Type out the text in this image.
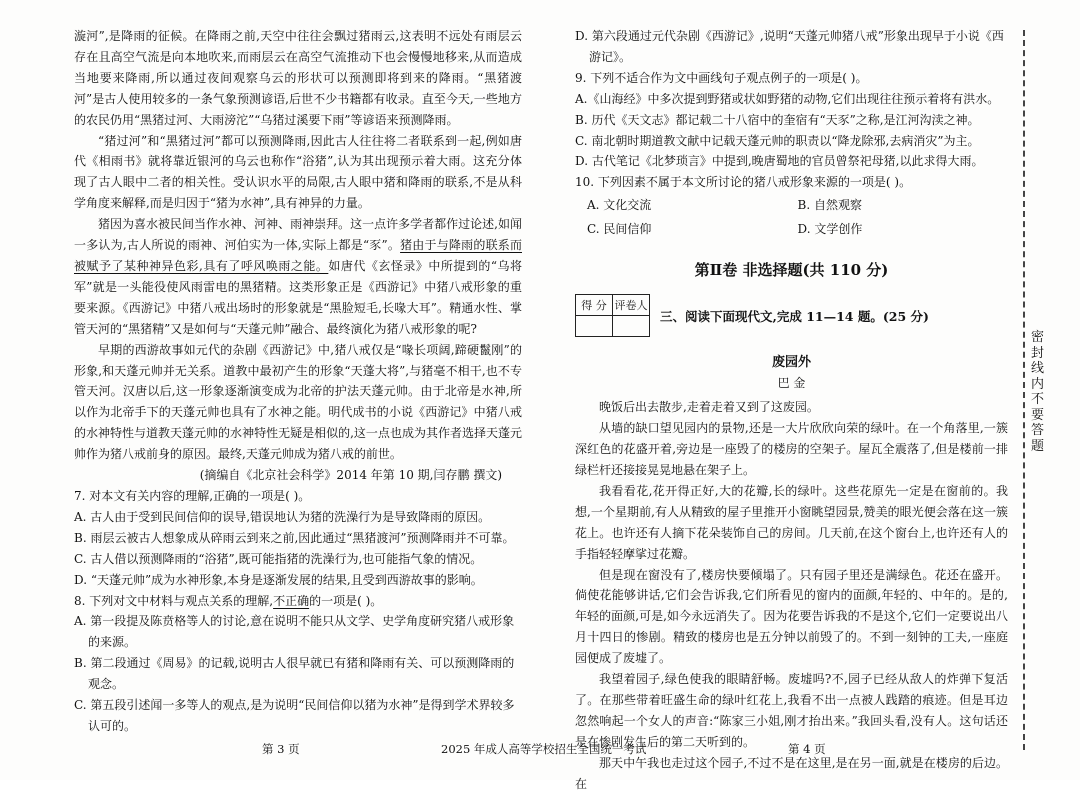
漩河”,是降雨的征候。在降雨之前,天空中往往会飘过猪雨云,这表明不远处有雨层云存在且高空气流是向本地吹来,而雨层云在高空气流推动下也会慢慢地移来,从而造成当地要来降雨,所以通过夜间观察乌云的形状可以预测即将到来的降雨。“黑猪渡河”是古人使用较多的一条气象预测谚语,后世不少书籍都有收录。直至今天,一些地方的农民仍用“黑猪过河、大雨滂沱”“乌猪过溪要下雨”等谚语来预测降雨。

“猪过河”和“黑猪过河”都可以预测降雨,因此古人往往将二者联系到一起,例如唐代《相雨书》就将靠近银河的乌云也称作“浴猪”,认为其出现预示着大雨。这充分体现了古人眼中二者的相关性。受认识水平的局限,古人眼中猪和降雨的联系,不是从科学角度来解释,而是归因于“猪为水神”,具有神异的力量。

猪因为喜水被民间当作水神、河神、雨神崇拜。这一点许多学者都作过论述,如闻一多认为,古人所说的雨神、河伯实为一体,实际上都是“豕”。猪由于与降雨的联系而被赋予了某种神异色彩,具有了呼风唤雨之能。如唐代《玄怪录》中所提到的“乌将军”就是一头能役使风雨雷电的黑猪精。这类形象正是《西游记》中猪八戒形象的重要来源。《西游记》中猪八戒出场时的形象就是“黑脸短毛,长喙大耳”。精通水性、掌管天河的“黑猪精”又是如何与“天蓬元帅”融合、最终演化为猪八戒形象的呢?

早期的西游故事如元代的杂剧《西游记》中,猪八戒仅是“喙长项阔,蹄硬鬣刚”的形象,和天蓬元帅并无关系。道教中最初产生的形象“天蓬大将”,与猪毫不相干,也不专管天河。汉唐以后,这一形象逐渐演变成为北帝的护法天蓬元帅。由于北帝是水神,所以作为北帝手下的天蓬元帅也具有了水神之能。明代成书的小说《西游记》中猪八戒的水神特性与道教天蓬元帅的水神特性无疑是相似的,这一点也成为其作者选择天蓬元帅作为猪八戒前身的原因。最终,天蓬元帅成为猪八戒的前世。

(摘编自《北京社会科学》2014 年第 10 期,闫存鹏 撰文)
7. 对本文有关内容的理解,正确的一项是( )。
A. 古人由于受到民间信仰的误导,错误地认为猪的洗澡行为是导致降雨的原因。
B. 雨层云被古人想象成从碎雨云到来之前,因此通过“黑猪渡河”预测降雨并不可靠。
C. 古人借以预测降雨的“浴猪”,既可能指猪的洗澡行为,也可能指气象的情况。
D. “天蓬元帅”成为水神形象,本身是逐渐发展的结果,且受到西游故事的影响。
8. 下列对文中材料与观点关系的理解,不正确的一项是( )。
A. 第一段提及陈贲格等人的讨论,意在说明不能只从文学、史学角度研究猪八戒形象的来源。
B. 第二段通过《周易》的记载,说明古人很早就已有猪和降雨有关、可以预测降雨的观念。
C. 第五段引述闻一多等人的观点,是为说明“民间信仰以猪为水神”是得到学术界较多认可的。
D. 第六段通过元代杂剧《西游记》,说明“天蓬元帅猪八戒”形象出现早于小说《西游记》。
9. 下列不适合作为文中画线句子观点例子的一项是( )。
A.《山海经》中多次提到野猪或状如野猪的动物,它们出现往往预示着将有洪水。
B. 历代《天文志》都记载二十八宿中的奎宿有“天豕”之称,是江河沟渎之神。
C. 南北朝时期道教文献中记载天蓬元帅的职责以“降龙除邪,去病消灾”为主。
D. 古代笔记《北梦琐言》中提到,晚唐蜀地的官员曾祭祀母猪,以此求得大雨。
10. 下列因素不属于本文所讨论的猪八戒形象来源的一项是( )。
A. 文化交流	B. 自然观察
C. 民间信仰	D. 文学创作
第Ⅱ卷 非选择题(共 110 分)
得 分	评卷人

三、阅读下面现代文,完成 11—14 题。(25 分)
废园外
巴 金

晚饭后出去散步,走着走着又到了这废园。

从墙的缺口望见园内的景物,还是一大片欣欣向荣的绿叶。在一个角落里,一簇深红色的花盛开着,旁边是一座毁了的楼房的空架子。屋瓦全震落了,但是楼前一排绿栏杆还接接晃晃地悬在架子上。

我看看花,花开得正好,大的花瓣,长的绿叶。这些花原先一定是在窗前的。我想,一个星期前,有人从精致的屋子里推开小窗眺望园景,赞美的眼光便会落在这一簇花上。也许还有人摘下花朵装饰自己的房间。几天前,在这个窗台上,也许还有人的手指轻轻摩挲过花瓣。

但是现在窗没有了,楼房快要倾塌了。只有园子里还是满绿色。花还在盛开。倘使花能够讲话,它们会告诉我,它们所看见的窗内的面颜,年轻的、中年的。是的,年轻的面颜,可是,如今永远消失了。因为花要告诉我的不是这个,它们一定要说出八月十四日的惨剧。精致的楼房也是五分钟以前毁了的。不到一刻钟的工夫,一座庭园便成了废墟了。

我望着园子,绿色使我的眼睛舒畅。废墟吗?不,园子已经从敌人的炸弹下复活了。在那些带着旺盛生命的绿叶红花上,我看不出一点被人践踏的痕迹。但是耳边忽然响起一个女人的声音:“陈家三小姐,刚才抬出来。”我回头看,没有人。这句话还是在惨剧发生后的第二天听到的。

那天中午我也走过这个园子,不过不是在这里,是在另一面,就是在楼房的后边。在

第 3 页	2025 年成人高等学校招生全国统一考试	第 4 页
密封线内不要答题
